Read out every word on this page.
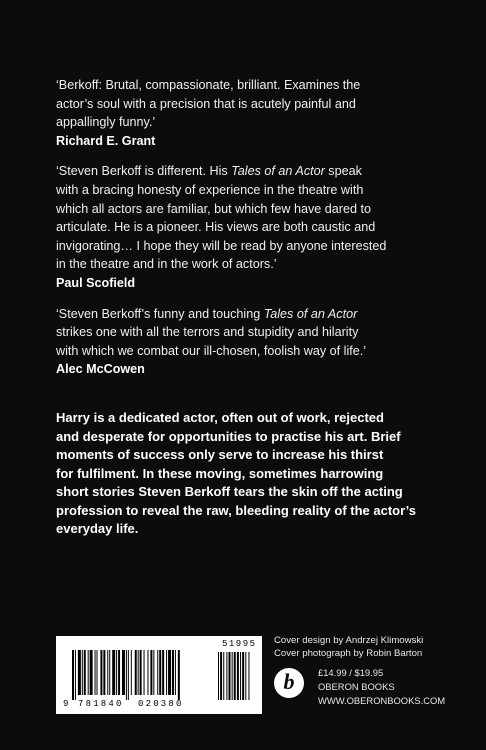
‘Berkoff: Brutal, compassionate, brilliant. Examines the

actor’s soul with a precision that is acutely painful and

appallingly funny.’

Richard E. Grant

‘Steven Berkoff is different. His Tales of an Actor speak

with a bracing honesty of experience in the theatre with

which all actors are familiar, but which few have dared to

articulate. He is a pioneer. His views are both caustic and

invigorating… I hope they will be read by anyone interested

in the theatre and in the work of actors.’

Paul Scofield

‘Steven Berkoff’s funny and touching Tales of an Actor

strikes one with all the terrors and stupidity and hilarity

with which we combat our ill-chosen, foolish way of life.’

Alec McCowen

Harry is a dedicated actor, often out of work, rejected
and desperate for opportunities to practise his art. Brief
moments of success only serve to increase his thirst
for fulfilment. In these moving, sometimes harrowing
short stories Steven Berkoff tears the skin off the acting
profession to reveal the raw, bleeding reality of the actor’s
everyday life.
9 781840 020380
51995 Cover design by Andrzej Klimowski

Cover photograph by Robin Barton

b	£14.99 / $19.95

OBERON BOOKS

WWW.OBERONBOOKS.COM
